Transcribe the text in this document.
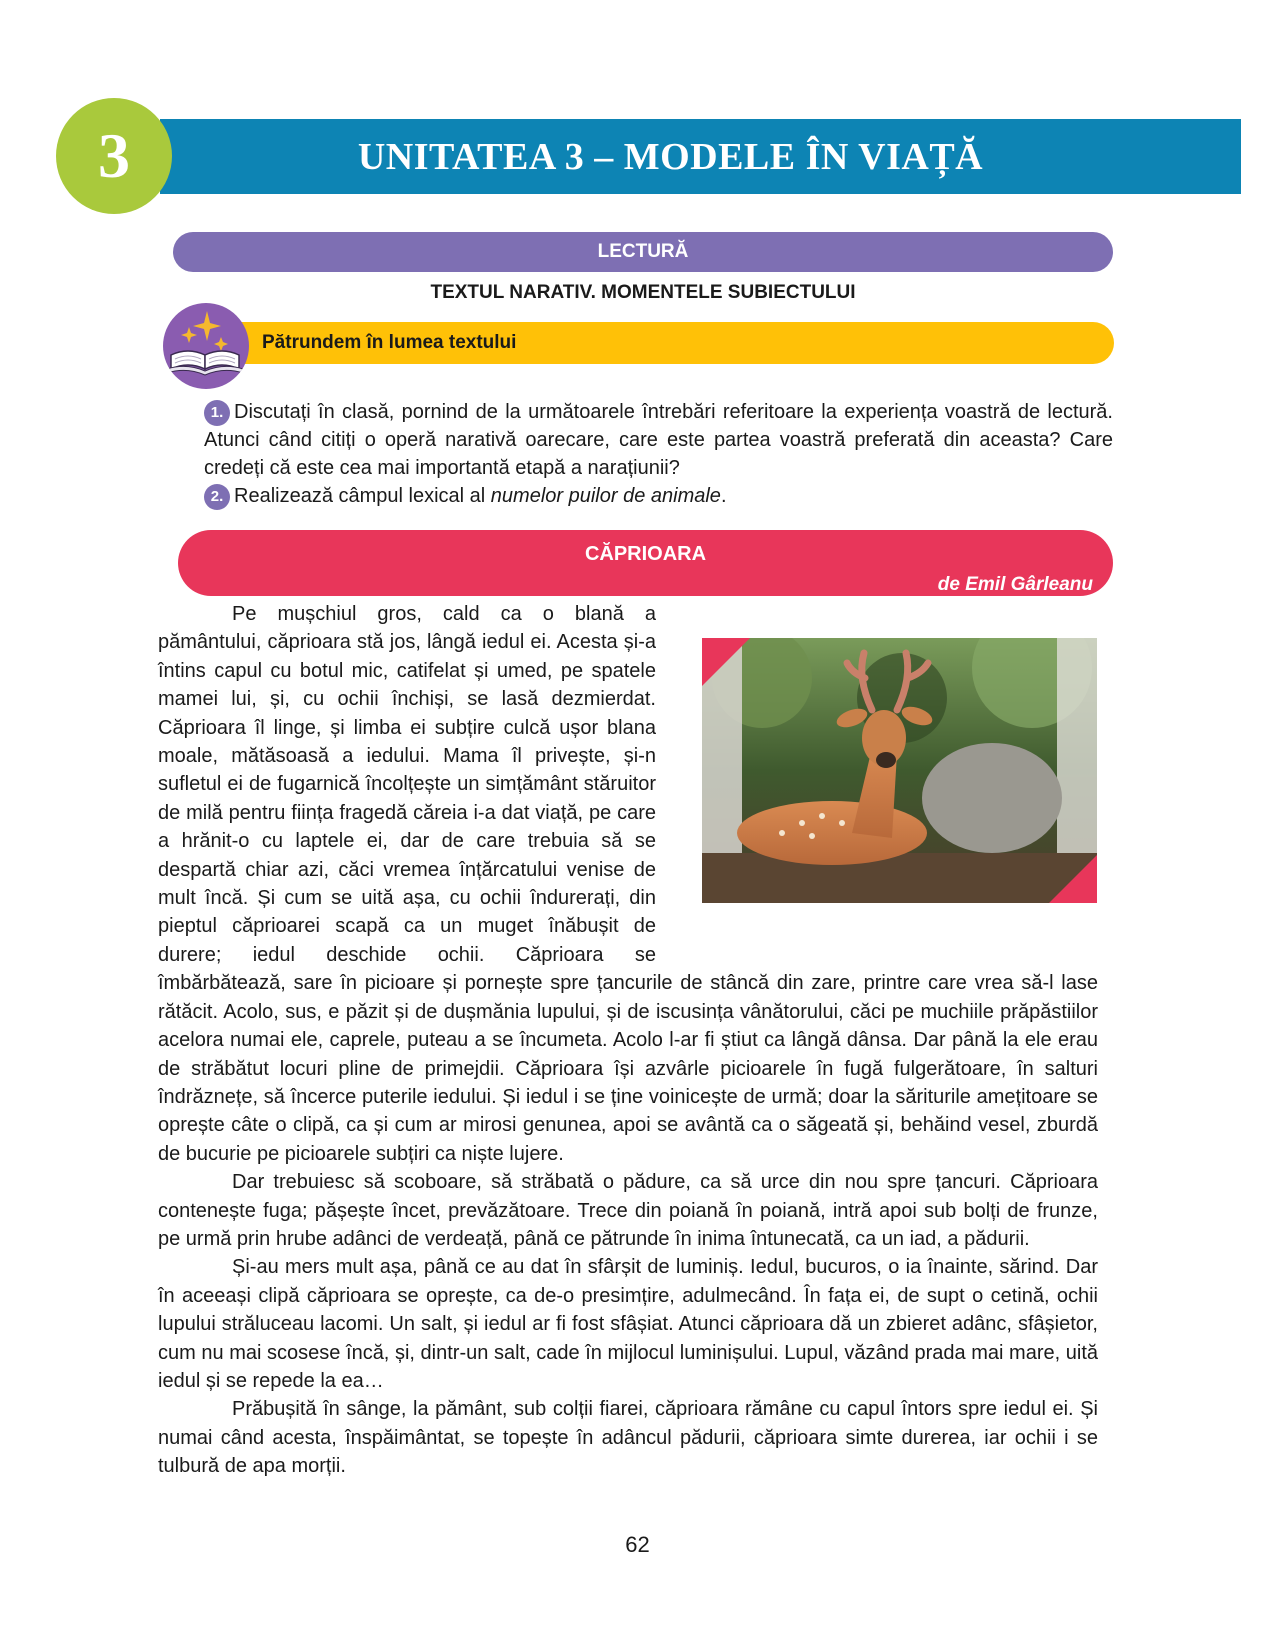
UNITATEA 3 – MODELE ÎN VIAȚĂ
3
LECTURĂ
TEXTUL NARATIV. MOMENTELE SUBIECTULUI
Pătrundem în lumea textului

1. Discutați în clasă, pornind de la următoarele întrebări referitoare la experiența voastră de lectură. Atunci când citiți o operă narativă oarecare, care este partea voastră preferată din aceasta? Care credeți că este cea mai importantă etapă a narațiunii?

2. Realizează câmpul lexical al numelor puilor de animale.

CĂPRIOARA
de Emil Gârleanu

Pe mușchiul gros, cald ca o blană a pământului, căprioara stă jos, lângă iedul ei. Acesta și-a întins capul cu botul mic, catifelat și umed, pe spatele mamei lui, și, cu ochii închiși, se lasă dezmierdat. Căprioara îl linge, și limba ei subțire culcă ușor blana moale, mătăsoasă a iedului. Mama îl privește, și-n sufletul ei de fugarnică încolțește un simțământ stăruitor de milă pentru ființa fragedă căreia i-a dat viață, pe care a hrănit-o cu laptele ei, dar de care trebuia să se despartă chiar azi, căci vremea înțărcatului venise de mult încă. Și cum se uită așa, cu ochii îndurerați, din pieptul căprioarei scapă ca un muget înăbușit de durere; iedul deschide ochii. Căprioara se îmbărbătează, sare în picioare și pornește spre țancurile de stâncă din zare, printre care vrea să-l lase rătăcit. Acolo, sus, e păzit și de dușmănia lupului, și de iscusința vânătorului, căci pe muchiile prăpăstiilor acelora numai ele, caprele, puteau a se încumeta. Acolo l-ar fi știut ca lângă dânsa. Dar până la ele erau de străbătut locuri pline de primejdii. Căprioara își azvârle picioarele în fugă fulgerătoare, în salturi îndrăznețe, să încerce puterile iedului. Și iedul i se ține voinicește de urmă; doar la săriturile amețitoare se oprește câte o clipă, ca și cum ar mirosi genunea, apoi se avântă ca o săgeată și, behăind vesel, zburdă de bucurie pe picioarele subțiri ca niște lujere.

Dar trebuiesc să scoboare, să străbată o pădure, ca să urce din nou spre țancuri. Căprioara contenește fuga; pășește încet, prevăzătoare. Trece din poiană în poiană, intră apoi sub bolți de frunze, pe urmă prin hrube adânci de verdeață, până ce pătrunde în inima întunecată, ca un iad, a pădurii.

Și-au mers mult așa, până ce au dat în sfârșit de luminiș. Iedul, bucuros, o ia înainte, sărind. Dar în aceeași clipă căprioara se oprește, ca de-o presimțire, adulmecând. În fața ei, de supt o cetină, ochii lupului străluceau lacomi. Un salt, și iedul ar fi fost sfâșiat. Atunci căprioara dă un zbieret adânc, sfâșietor, cum nu mai scosese încă, și, dintr-un salt, cade în mijlocul luminișului. Lupul, văzând prada mai mare, uită iedul și se repede la ea…

Prăbușită în sânge, la pământ, sub colții fiarei, căprioara rămâne cu capul întors spre iedul ei. Și numai când acesta, înspăimântat, se topește în adâncul pădurii, căprioara simte durerea, iar ochii i se tulbură de apa morții.

62
